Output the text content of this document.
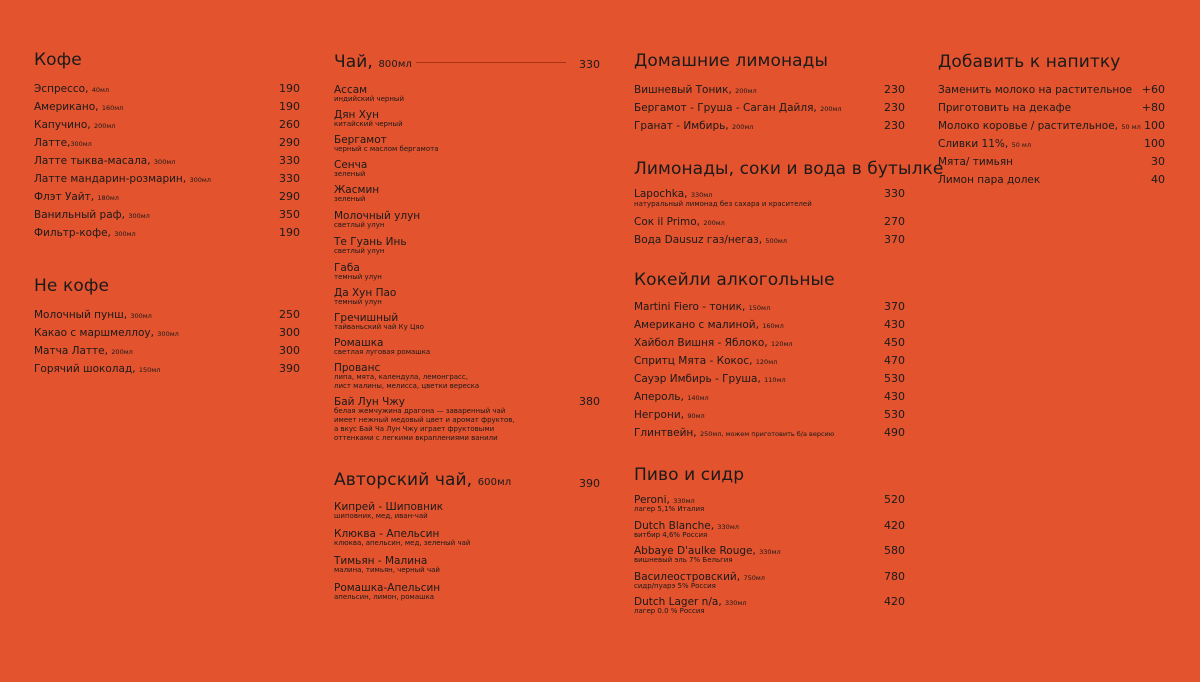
Кофе
Эспрессо, 40мл	190
Американо, 160мл	190
Капучино, 200мл	260
Латте,300мл	290
Латте тыква-масала, 300мл	330
Латте мандарин-розмарин, 300мл	330
Флэт Уайт, 180мл	290
Ванильный раф, 300мл	350
Фильтр-кофе, 300мл	190
Не кофе
Молочный пунш, 300мл	250
Какао с маршмеллоу, 300мл	300
Матча Латте, 200мл	300
Горячий шоколад, 150мл	390
Чай, 800мл	330
Ассам
индийский черный
Дян Хун
китайский черный
Бергамот
черный с маслом бергамота
Сенча
зеленый
Жасмин
зеленый
Молочный улун
светлый улун
Те Гуань Инь
светлый улун
Габа
темный улун
Да Хун Пао
темный улун
Гречишный
тайваньский чай Ку Цяо
Ромашка
светлая луговая ромашка
Прованс
липа, мята, календула, лемонграсс,
лист малины, мелисса, цветки вереска
Бай Лун Чжу	380
белая жемчужина драгона — заваренный чай
имеет нежный медовый цвет и аромат фруктов,
а вкус Бай Ча Лун Чжу играет фруктовыми
оттенками с легкими вкраплениями ванили
Авторский чай, 600мл	390
Кипрей - Шиповник
шиповник, мед, иван-чай
Клюква - Апельсин
клюква, апельсин, мед, зеленый чай
Тимьян - Малина
малина, тимьян, черный чай
Ромашка-Апельсин
апельсин, лимон, ромашка
Домашние лимонады
Вишневый Тоник, 200мл	230
Бергамот - Груша - Саган Дайля, 200мл	230
Гранат - Имбирь, 200мл	230
Лимонады, соки и вода в бутылке
Lapochka, 330мл	330
натуральный лимонад без сахара и красителей
Сок il Primo, 200мл	270
Вода Dausuz газ/негаз, 500мл	370
Кокейли алкогольные
Martini Fiero - тоник, 150мл	370
Американо с малиной, 160мл	430
Хайбол Вишня - Яблоко, 120мл	450
Спритц Мята - Кокос, 120мл	470
Сауэр Имбирь - Груша, 110мл	530
Апероль, 140мл	430
Негрони, 90мл	530
Глинтвейн, 250мл, можем приготовить б/а версию	490
Пиво и сидр
Peroni, 330мл	520
лагер 5,1% Италия
Dutch Blanche, 330мл	420
витбир 4,6% Россия
Abbaye D'aulke Rouge, 330мл	580
вишневый эль 7% Бельгия
Василеостровский, 750мл	780
сидр/пуарэ 5% Россия
Dutch Lager n/a, 330мл	420
лагер 0.0 % Россия
Добавить к напитку
Заменить молоко на растительное +60
Приготовить на декафе	+80
Молоко коровье / растительное, 50 мл 100
Сливки 11%, 50 мл	100
Мята/ тимьян	30
Лимон пара долек	40
